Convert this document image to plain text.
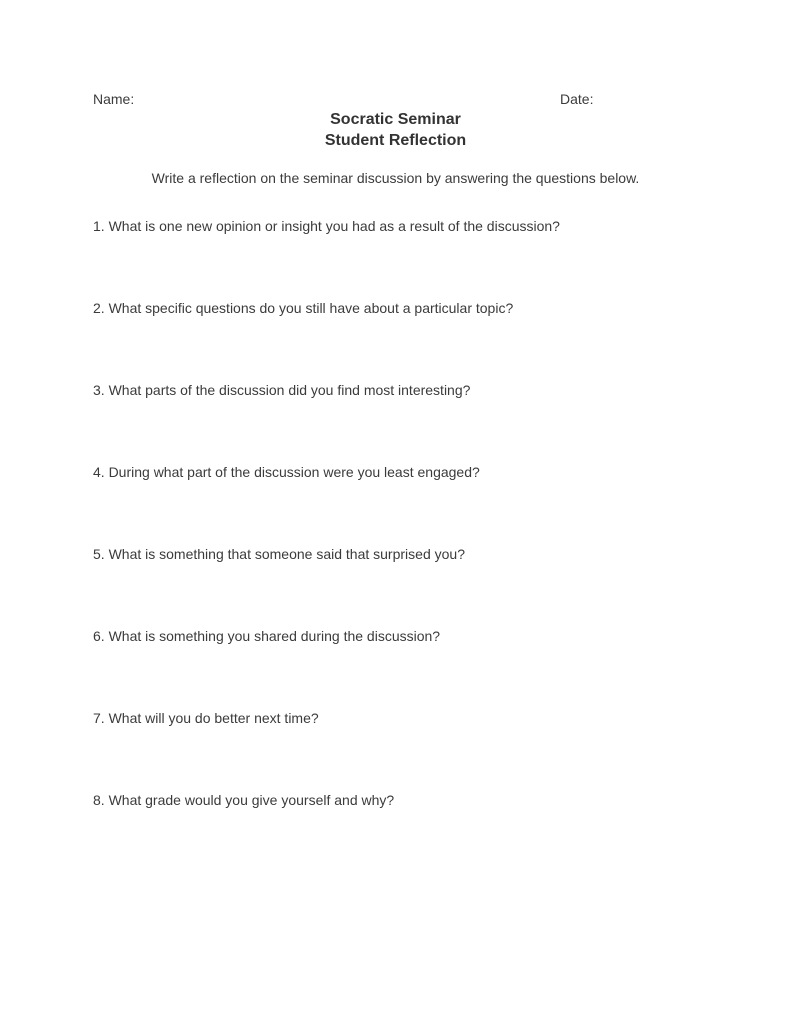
Name:	Date:
Socratic Seminar
Student Reflection
Write a reflection on the seminar discussion by answering the questions below.
1. What is one new opinion or insight you had as a result of the discussion?
2. What specific questions do you still have about a particular topic?
3. What parts of the discussion did you find most interesting?
4. During what part of the discussion were you least engaged?
5. What is something that someone said that surprised you?
6. What is something you shared during the discussion?
7. What will you do better next time?
8. What grade would you give yourself and why?
